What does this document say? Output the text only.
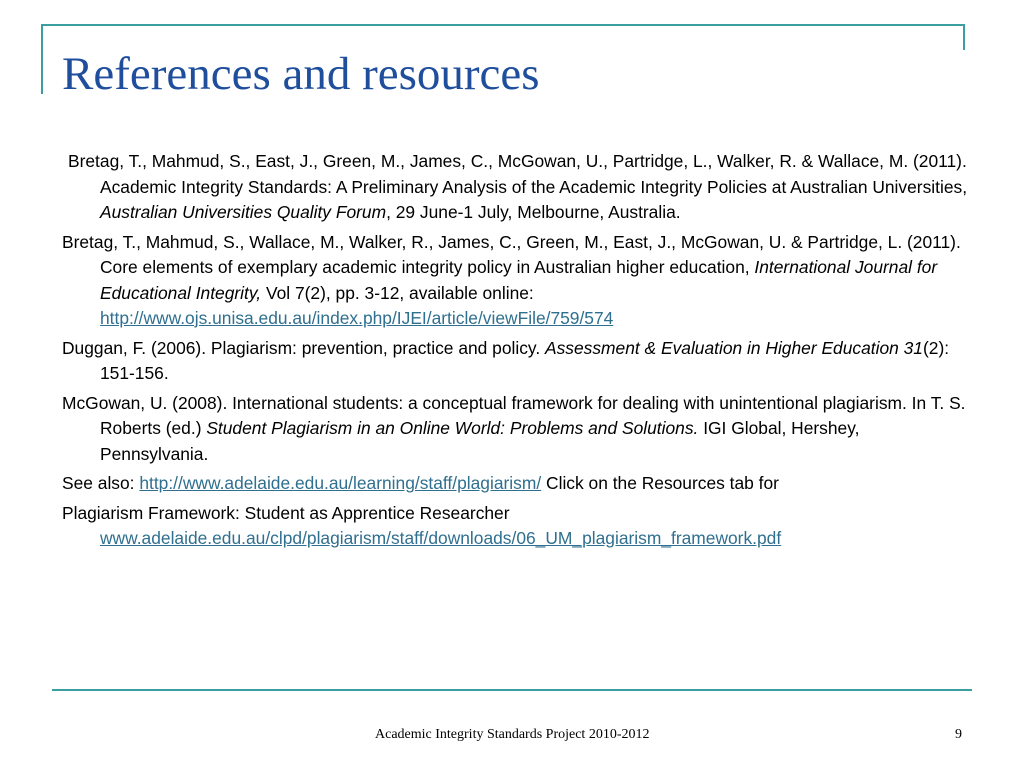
References and resources
Bretag, T., Mahmud, S., East, J., Green, M., James, C., McGowan, U., Partridge, L., Walker, R. & Wallace, M. (2011). Academic Integrity Standards: A Preliminary Analysis of the Academic Integrity Policies at Australian Universities, Australian Universities Quality Forum, 29 June-1 July, Melbourne, Australia.
Bretag, T., Mahmud, S., Wallace, M., Walker, R., James, C., Green, M., East, J., McGowan, U. & Partridge, L. (2011). Core elements of exemplary academic integrity policy in Australian higher education, International Journal for Educational Integrity, Vol 7(2), pp. 3-12, available online: http://www.ojs.unisa.edu.au/index.php/IJEI/article/viewFile/759/574
Duggan, F. (2006). Plagiarism: prevention, practice and policy. Assessment & Evaluation in Higher Education 31(2): 151-156.
McGowan, U. (2008). International students: a conceptual framework for dealing with unintentional plagiarism. In T. S. Roberts (ed.) Student Plagiarism in an Online World: Problems and Solutions. IGI Global, Hershey, Pennsylvania.
See also: http://www.adelaide.edu.au/learning/staff/plagiarism/ Click on the Resources tab for
Plagiarism Framework: Student as Apprentice Researcher www.adelaide.edu.au/clpd/plagiarism/staff/downloads/06_UM_plagiarism_framework.pdf
Academic Integrity Standards Project 2010-2012	9
